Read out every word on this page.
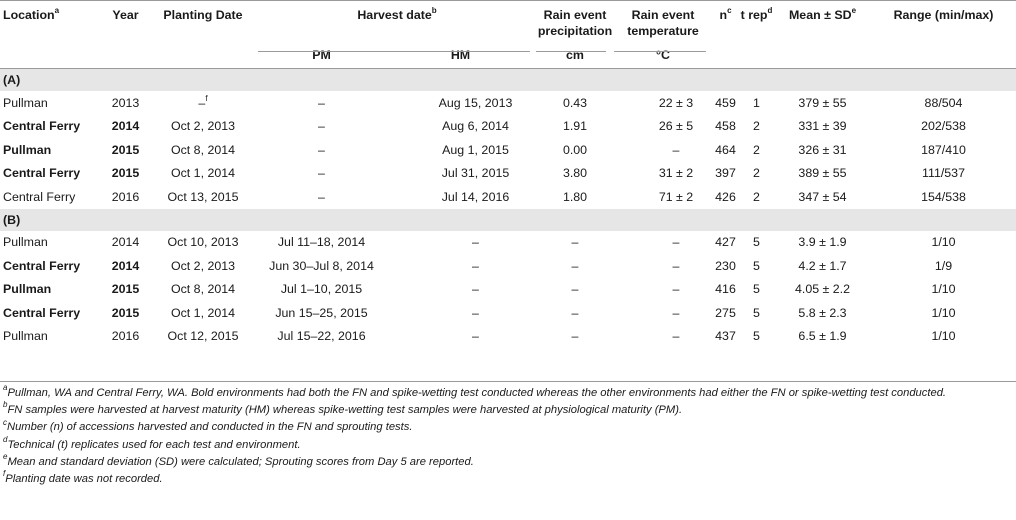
Location$^a$	Year	Planting Date	Harvest date$^b$		Rain event precipitation	Rain event temperature	$n^c$	t rep$^d$	Mean ± $SD^e$	Range (min/max)
			PM	HM	cm	°C				
(A)										
Pullman	2013	–$^f$	–	Aug 15, 2013	0.43	22 ± 3	459	1	379 ± 55	88/504
Central Ferry	2014	Oct 2, 2013	–	Aug 6, 2014	1.91	26 ± 5	458	2	331 ± 39	202/538
Pullman	2015	Oct 8, 2014	–	Aug 1, 2015	0.00	–	464	2	326 ± 31	187/410
Central Ferry	2015	Oct 1, 2014	–	Jul 31, 2015	3.80	31 ± 2	397	2	389 ± 55	111/537
Central Ferry	2016	Oct 13, 2015	–	Jul 14, 2016	1.80	71 ± 2	426	2	347 ± 54	154/538
(B)										
Pullman	2014	Oct 10, 2013	Jul 11–18, 2014	–	–	–	427	5	3.9 ± 1.9	1/10
Central Ferry	2014	Oct 2, 2013	Jun 30–Jul 8, 2014	–	–	–	230	5	4.2 ± 1.7	1/9
Pullman	2015	Oct 8, 2014	Jul 1–10, 2015	–	–	–	416	5	4.05 ± 2.2	1/10
Central Ferry	2015	Oct 1, 2014	Jun 15–25, 2015	–	–	–	275	5	5.8 ± 2.3	1/10
Pullman	2016	Oct 12, 2015	Jul 15–22, 2016	–	–	–	437	5	6.5 ± 1.9	1/10

$^a$Pullman, WA and Central Ferry, WA. Bold environments had both the FN and spike-wetting test conducted whereas the other environments had either the FN or spike-wetting test conducted.

$^b$FN samples were harvested at harvest maturity (HM) whereas spike-wetting test samples were harvested at physiological maturity (PM).

$^c$Number (n) of accessions harvested and conducted in the FN and sprouting tests.

$^d$Technical (t) replicates used for each test and environment.

$^e$Mean and standard deviation (SD) were calculated; Sprouting scores from Day 5 are reported.

$^f$Planting date was not recorded.
